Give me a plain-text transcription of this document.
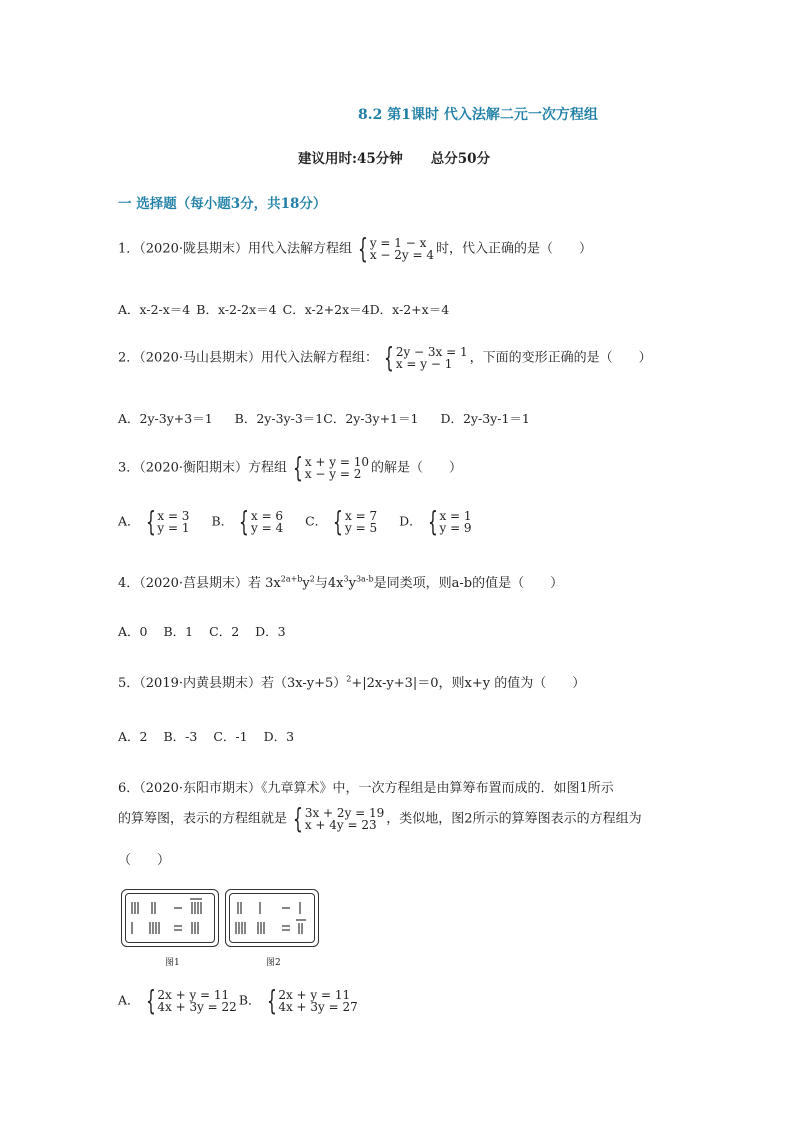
8.2 第1课时 代入法解二元一次方程组
建议用时:45分钟 总分50分
一 选择题（每小题3分，共18分）
1．（2020·陇县期末）用代入法解方程组 { y = 1 − x
x − 2y = 4 时，代入正确的是（　　）
A．x-2-x＝4 B．x-2-2x＝4 C．x-2+2x＝4D．x-2+x＝4
2．（2020·马山县期末）用代入法解方程组： { 2y − 3x = 1
x = y − 1	，下面的变形正确的是（　　）
A．2y-3y+3＝1 B．2y-3y-3＝1C．2y-3y+1＝1 D．2y-3y-1＝1
3．（2020·衡阳期末）方程组 { x + y = 10
x − y = 2 的解是（　　）
A． { x = 3
y = 1 B． { x = 6
y = 4 C． { x = 7
y = 5 D． { x = 1
y = 9
4．（2020·莒县期末）若 $3x^{2a+b}y^2$与$4x^3y^{3a-b}$是同类项，则a-b的值是（　　）
A．0 B．1 C．2 D．3
5．（2019·内黄县期末）若$(3x-y+5)^2+|2x-y+3|=0$，则x+y 的值为（　　）
A．2 B．-3 C．-1 D．3
6．（2020·东阳市期末）《九章算术》中，一次方程组是由算筹布置而成的．如图1所示
的算筹图，表示的方程组就是 { 3x + 2y = 19
x + 4y = 23 ，类似地，图2所示的算筹图表示的方程组为
（　　）
图1	图2
A． { 2x + y = 11
4x + 3y = 22 B． { 2x + y = 11
4x + 3y = 27
